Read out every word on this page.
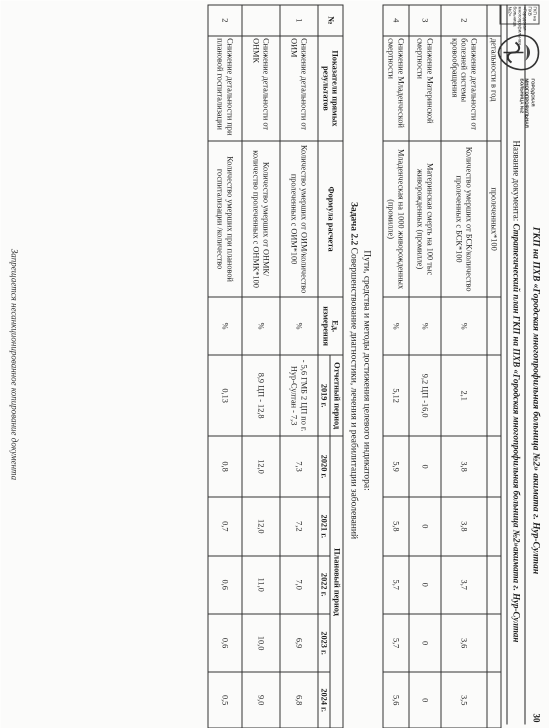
ГКП на ПХВ «Городская многопрофильная больница №2»
ГОРОДСКАЯ МНОГОПРОФИЛЬНАЯ БОЛЬНИЦА №2
ГКП на ПХВ «Городская многопрофильная больница №2» акимата г. Нур-Султан
30
Название документа: Стратегический план ГКП на ПХВ «Городская многопрофильная больница №2»акимата г. Нур-Султан
	детальности в год	пролеченных*100							
2	Снижение детальности от болезней системы кровообращения	Количество умерших от БСК/количество пролеченных с БСК*100	%	2,1	3,8	3,8	3,7	3,6	3,5
3	Снижение Материнской смертности	Материнская смерть на 100 тыс живорожденных (промилле)	%	9,2 ЦП -16,0	0	0	0	0	0
4	Снижение Младенческой смертности	Младенческая на 1000 живорожденных (промилле)	%	5,12	5,9	5,8	5,7	5,7	5,6
Пути, средства и методы достижения целевого индикатора:
Задача 2.2 Совершенствование диагностики, лечения и реабилитации заболеваний
№	Показатели прямых результатов	Формула расчета	Ед. измерения	Отчетный период	Плановый период				
				2019 г.	2020 г.	2021 г.	2022 г.	2023 г.	2024 г.
1	Снижение детальности от ОИМ	Количество умерших от ОИМ/количество пролеченных с ОИМ*100	%	- 5,6 ГМБ 2 ЦП по г. Нур-Султан - 7,3	7,3	7,2	7,0	6,9	6,8
	Снижение детальности от ОНМК	Количество умерших от ОНМК/количество пролеченных с ОНМК*100	%	8,9 ЦП - 12,8	12,0	12,0	11,0	10,0	9,0
2	Снижение детальности при плановой госпитализации	Количество умерших при плановой госпитализации /количество	%	0,13	0,8	0,7	0,6	0,6	0,5
Запрещается несанкционированное копирование документа
